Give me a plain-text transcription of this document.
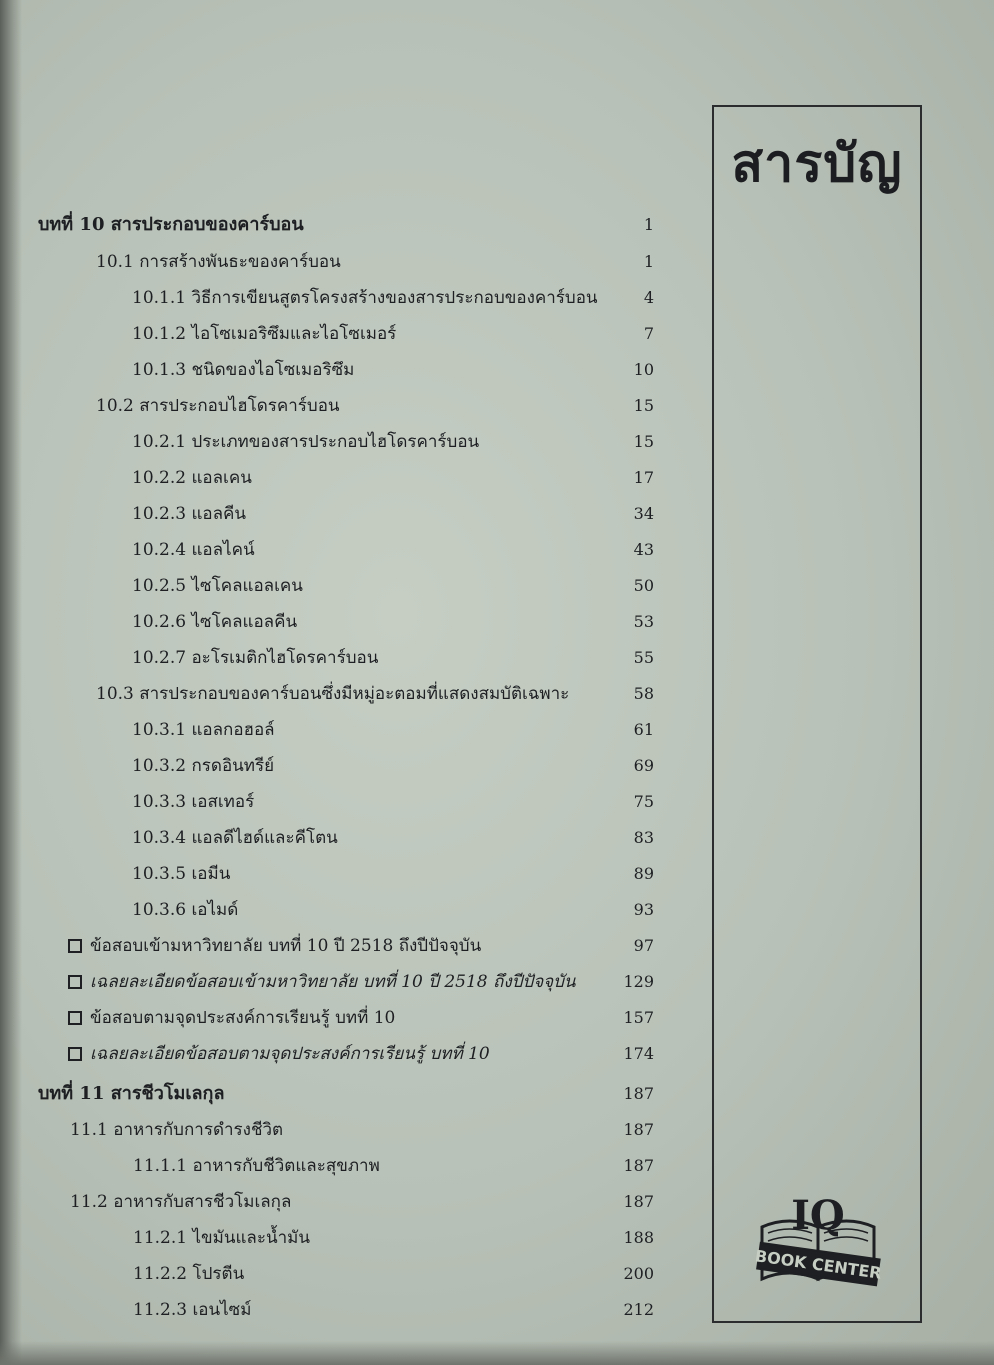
บทที่ 10 สารประกอบของคาร์บอน	1
10.1 การสร้างพันธะของคาร์บอน	1
10.1.1 วิธีการเขียนสูตรโครงสร้างของสารประกอบของคาร์บอน	4
10.1.2 ไอโซเมอริซึมและไอโซเมอร์	7
10.1.3 ชนิดของไอโซเมอริซึม	10
10.2 สารประกอบไฮโดรคาร์บอน	15
10.2.1 ประเภทของสารประกอบไฮโดรคาร์บอน	15
10.2.2 แอลเคน	17
10.2.3 แอลคีน	34
10.2.4 แอลไคน์	43
10.2.5 ไซโคลแอลเคน	50
10.2.6 ไซโคลแอลคีน	53
10.2.7 อะโรเมติกไฮโดรคาร์บอน	55
10.3 สารประกอบของคาร์บอนซึ่งมีหมู่อะตอมที่แสดงสมบัติเฉพาะ	58
10.3.1 แอลกอฮอล์	61
10.3.2 กรดอินทรีย์	69
10.3.3 เอสเทอร์	75
10.3.4 แอลดีไฮด์และคีโตน	83
10.3.5 เอมีน	89
10.3.6 เอไมด์	93
ข้อสอบเข้ามหาวิทยาลัย บทที่ 10 ปี 2518 ถึงปีปัจจุบัน	97
เฉลยละเอียดข้อสอบเข้ามหาวิทยาลัย บทที่ 10 ปี 2518 ถึงปีปัจจุบัน	129
ข้อสอบตามจุดประสงค์การเรียนรู้ บทที่ 10	157
เฉลยละเอียดข้อสอบตามจุดประสงค์การเรียนรู้ บทที่ 10	174
บทที่ 11 สารชีวโมเลกุล	187
11.1 อาหารกับการดำรงชีวิต	187
11.1.1 อาหารกับชีวิตและสุขภาพ	187
11.2 อาหารกับสารชีวโมเลกุล	187
11.2.1 ไขมันและน้ำมัน	188
11.2.2 โปรตีน	200
11.2.3 เอนไซม์	212
สารบัญ
IQ
BOOK CENTER
